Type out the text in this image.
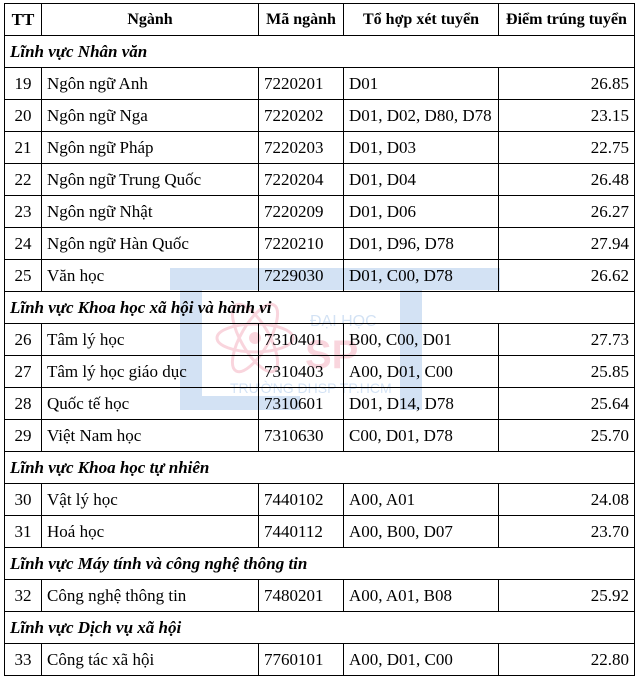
ĐẠI HỌC
SP
TRƯỜNG ĐHSP TP.HCM
TT	Ngành	Mã ngành	Tổ hợp xét tuyển	Điểm trúng tuyển
Lĩnh vực Nhân văn				
19	Ngôn ngữ Anh	7220201	D01	26.85
20	Ngôn ngữ Nga	7220202	D01, D02, D80, D78	23.15
21	Ngôn ngữ Pháp	7220203	D01, D03	22.75
22	Ngôn ngữ Trung Quốc	7220204	D01, D04	26.48
23	Ngôn ngữ Nhật	7220209	D01, D06	26.27
24	Ngôn ngữ Hàn Quốc	7220210	D01, D96, D78	27.94
25	Văn học	7229030	D01, C00, D78	26.62
Lĩnh vực Khoa học xã hội và hành vi				
26	Tâm lý học	7310401	B00, C00, D01	27.73
27	Tâm lý học giáo dục	7310403	A00, D01, C00	25.85
28	Quốc tế học	7310601	D01, D14, D78	25.64
29	Việt Nam học	7310630	C00, D01, D78	25.70
Lĩnh vực Khoa học tự nhiên				
30	Vật lý học	7440102	A00, A01	24.08
31	Hoá học	7440112	A00, B00, D07	23.70
Lĩnh vực Máy tính và công nghệ thông tin				
32	Công nghệ thông tin	7480201	A00, A01, B08	25.92
Lĩnh vực Dịch vụ xã hội				
33	Công tác xã hội	7760101	A00, D01, C00	22.80
